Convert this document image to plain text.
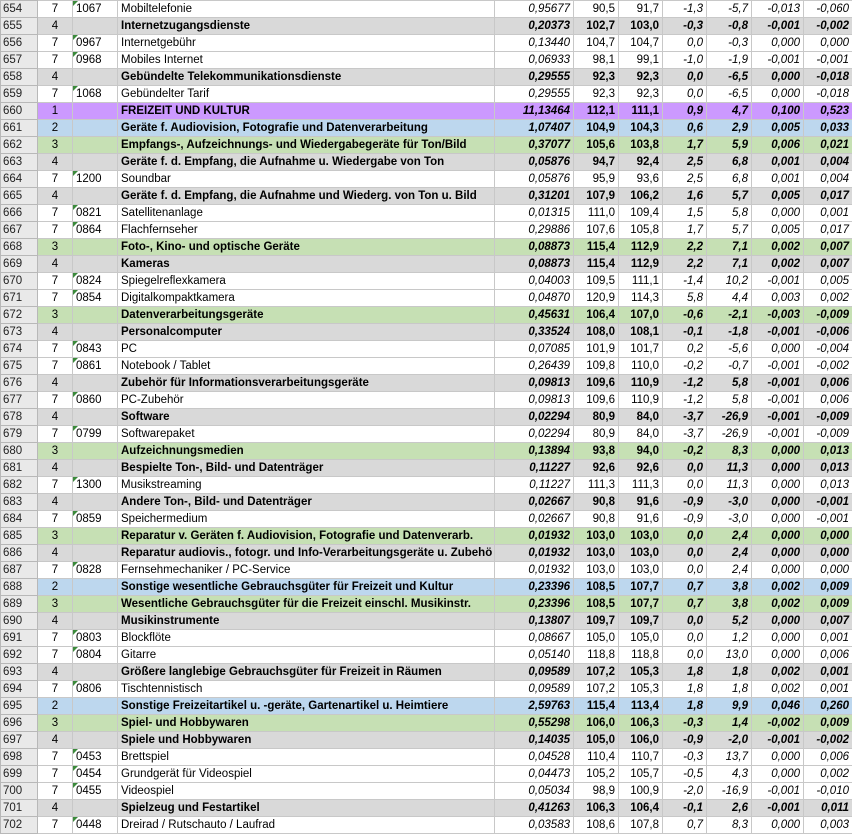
654	7	1067	Mobiltelefonie	0,95677	90,5	91,7	-1,3	-5,7	-0,013	-0,060
655	4		Internetzugangsdienste	0,20373	102,7	103,0	-0,3	-0,8	-0,001	-0,002
656	7	0967	Internetgebühr	0,13440	104,7	104,7	0,0	-0,3	0,000	0,000
657	7	0968	Mobiles Internet	0,06933	98,1	99,1	-1,0	-1,9	-0,001	-0,001
658	4		Gebündelte Telekommunikationsdienste	0,29555	92,3	92,3	0,0	-6,5	0,000	-0,018
659	7	1068	Gebündelter Tarif	0,29555	92,3	92,3	0,0	-6,5	0,000	-0,018
660	1		FREIZEIT UND KULTUR	11,13464	112,1	111,1	0,9	4,7	0,100	0,523
661	2		Geräte f. Audiovision, Fotografie und Datenverarbeitung	1,07407	104,9	104,3	0,6	2,9	0,005	0,033
662	3		Empfangs-, Aufzeichnungs- und Wiedergabegeräte für Ton/Bild	0,37077	105,6	103,8	1,7	5,9	0,006	0,021
663	4		Geräte f. d. Empfang, die Aufnahme u. Wiedergabe von Ton	0,05876	94,7	92,4	2,5	6,8	0,001	0,004
664	7	1200	Soundbar	0,05876	95,9	93,6	2,5	6,8	0,001	0,004
665	4		Geräte f. d. Empfang, die Aufnahme und Wiederg. von Ton u. Bild	0,31201	107,9	106,2	1,6	5,7	0,005	0,017
666	7	0821	Satellitenanlage	0,01315	111,0	109,4	1,5	5,8	0,000	0,001
667	7	0864	Flachfernseher	0,29886	107,6	105,8	1,7	5,7	0,005	0,017
668	3		Foto-, Kino- und optische Geräte	0,08873	115,4	112,9	2,2	7,1	0,002	0,007
669	4		Kameras	0,08873	115,4	112,9	2,2	7,1	0,002	0,007
670	7	0824	Spiegelreflexkamera	0,04003	109,5	111,1	-1,4	10,2	-0,001	0,005
671	7	0854	Digitalkompaktkamera	0,04870	120,9	114,3	5,8	4,4	0,003	0,002
672	3		Datenverarbeitungsgeräte	0,45631	106,4	107,0	-0,6	-2,1	-0,003	-0,009
673	4		Personalcomputer	0,33524	108,0	108,1	-0,1	-1,8	-0,001	-0,006
674	7	0843	PC	0,07085	101,9	101,7	0,2	-5,6	0,000	-0,004
675	7	0861	Notebook / Tablet	0,26439	109,8	110,0	-0,2	-0,7	-0,001	-0,002
676	4		Zubehör für Informationsverarbeitungsgeräte	0,09813	109,6	110,9	-1,2	5,8	-0,001	0,006
677	7	0860	PC-Zubehör	0,09813	109,6	110,9	-1,2	5,8	-0,001	0,006
678	4		Software	0,02294	80,9	84,0	-3,7	-26,9	-0,001	-0,009
679	7	0799	Softwarepaket	0,02294	80,9	84,0	-3,7	-26,9	-0,001	-0,009
680	3		Aufzeichnungsmedien	0,13894	93,8	94,0	-0,2	8,3	0,000	0,013
681	4		Bespielte Ton-, Bild- und Datenträger	0,11227	92,6	92,6	0,0	11,3	0,000	0,013
682	7	1300	Musikstreaming	0,11227	111,3	111,3	0,0	11,3	0,000	0,013
683	4		Andere Ton-, Bild- und Datenträger	0,02667	90,8	91,6	-0,9	-3,0	0,000	-0,001
684	7	0859	Speichermedium	0,02667	90,8	91,6	-0,9	-3,0	0,000	-0,001
685	3		Reparatur v. Geräten f. Audiovision, Fotografie und Datenverarb.	0,01932	103,0	103,0	0,0	2,4	0,000	0,000
686	4		Reparatur audiovis., fotogr. und Info-Verarbeitungsgeräte u. Zubehö	0,01932	103,0	103,0	0,0	2,4	0,000	0,000
687	7	0828	Fernsehmechaniker / PC-Service	0,01932	103,0	103,0	0,0	2,4	0,000	0,000
688	2		Sonstige wesentliche Gebrauchsgüter für Freizeit und Kultur	0,23396	108,5	107,7	0,7	3,8	0,002	0,009
689	3		Wesentliche Gebrauchsgüter für die Freizeit einschl. Musikinstr.	0,23396	108,5	107,7	0,7	3,8	0,002	0,009
690	4		Musikinstrumente	0,13807	109,7	109,7	0,0	5,2	0,000	0,007
691	7	0803	Blockflöte	0,08667	105,0	105,0	0,0	1,2	0,000	0,001
692	7	0804	Gitarre	0,05140	118,8	118,8	0,0	13,0	0,000	0,006
693	4		Größere langlebige Gebrauchsgüter für Freizeit in Räumen	0,09589	107,2	105,3	1,8	1,8	0,002	0,001
694	7	0806	Tischtennistisch	0,09589	107,2	105,3	1,8	1,8	0,002	0,001
695	2		Sonstige Freizeitartikel u. -geräte, Gartenartikel u. Heimtiere	2,59763	115,4	113,4	1,8	9,9	0,046	0,260
696	3		Spiel- und Hobbywaren	0,55298	106,0	106,3	-0,3	1,4	-0,002	0,009
697	4		Spiele und Hobbywaren	0,14035	105,0	106,0	-0,9	-2,0	-0,001	-0,002
698	7	0453	Brettspiel	0,04528	110,4	110,7	-0,3	13,7	0,000	0,006
699	7	0454	Grundgerät für Videospiel	0,04473	105,2	105,7	-0,5	4,3	0,000	0,002
700	7	0455	Videospiel	0,05034	98,9	100,9	-2,0	-16,9	-0,001	-0,010
701	4		Spielzeug und Festartikel	0,41263	106,3	106,4	-0,1	2,6	-0,001	0,011
702	7	0448	Dreirad / Rutschauto / Laufrad	0,03583	108,6	107,8	0,7	8,3	0,000	0,003
